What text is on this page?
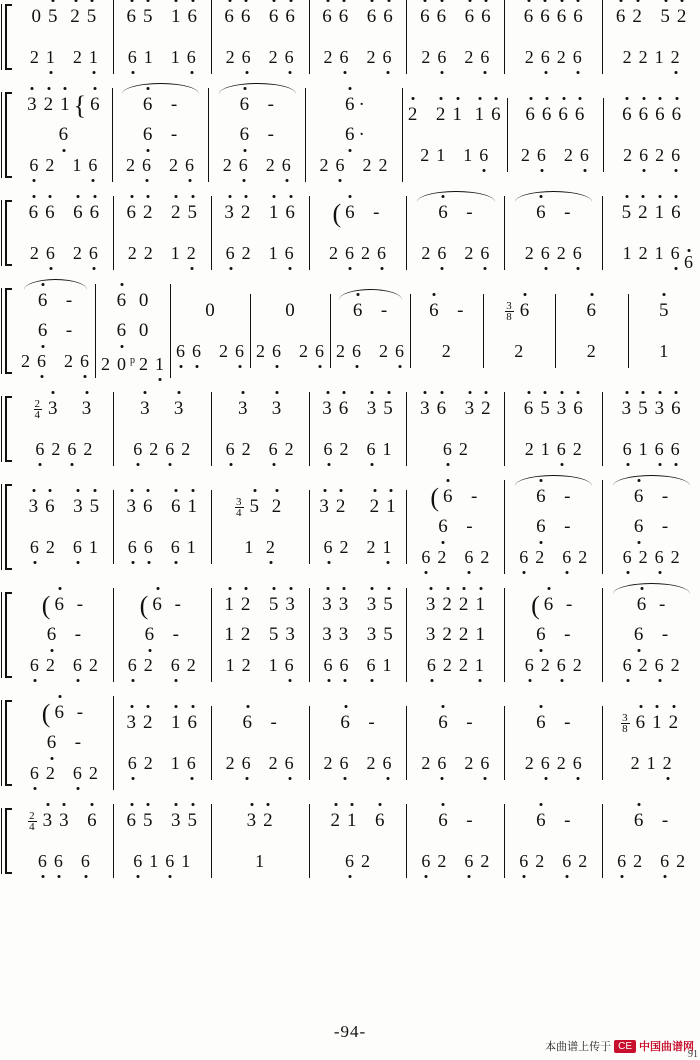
0 5 2 5
2 1 2 1
6 5 1 6
6 1 1 6
6 6 6 6
2 6 2 6
6 6 6 6
2 6 2 6
6 6 6 6
2 6 2 6
6 6 6 6
2 6 2 6
6 2 5 2
2 2 1 2
3 2 1 { 6
6
6 2 1 6
6 -
6 -
2 6 2 6
6 -
6 -
2 6 2 6
6 ·
6 ·
2 6 2 2
2 2 1 1 6
2 1 1 6
6 6 6 6
2 6 2 6
6 6 6 6
2 6 2 6
6 6 6 6
2 6 2 6
6 2 2 5
2 2 1 2
3 2 1 6
6 2 1 6
( 6 -
2 6 2 6
6 -
2 6 2 6
6 -
2 6 2 6
5 2 1 6
1 2 1 6
6 -
6 -
2 6 2 6
6 0
6 0
2 0 $^p$ 2 1
0
6 6 2 6
0
2 6 2 6
6 -
2 6 2 6
6 -
2
$\frac{3}{8} 6$
2
6
2
5
1
$\frac{2}{4} 3$ 3
6 2 6 2
3 3
6 2 6 2
3 3
6 2 6 2
3 6 3 5
6 2 6 1
3 6 3 2
6 2
6 5 3 6
2 1 6 2
3 5 3 6
6 1 6 6
3 6 3 5
6 2 6 1
3 6 6 1
6 6 6 1
$\frac{3}{4} 5$ 2
1 2
3 2 2 1
6 2 2 1
( 6 -
6 -
6 2 6 2
6 -
6 -
6 2 6 2
6 -
6 -
6 2 6 2
( 6 -
6 -
6 2 6 2
( 6 -
6 -
6 2 6 2
1 2 5 3
1 2 5 3
1 2 1 6
3 3 3 5
3 3 3 5
6 6 6 1
3 2 2 1
3 2 2 1
6 2 2 1
( 6 -
6 -
6 2 6 2
6 -
6 -
6 2 6 2
( 6 -
6 -
6 2 6 2
3 2 1 6
6 2 1 6
6 -
2 6 2 6
6 -
2 6 2 6
6 -
2 6 2 6
6 -
2 6 2 6
$\frac{3}{8} 6$ 1 2
2 1 2
$\frac{2}{4} 3$ 3 6
6 6 6
6 5 3 5
6 1 6 1
3 2
1
2 1 6
6 2
6 -
6 2 6 2
6 -
6 2 6 2
6 -
6 2 6 2
6
-94-
本曲谱上传于 CE 中国曲谱网
91
